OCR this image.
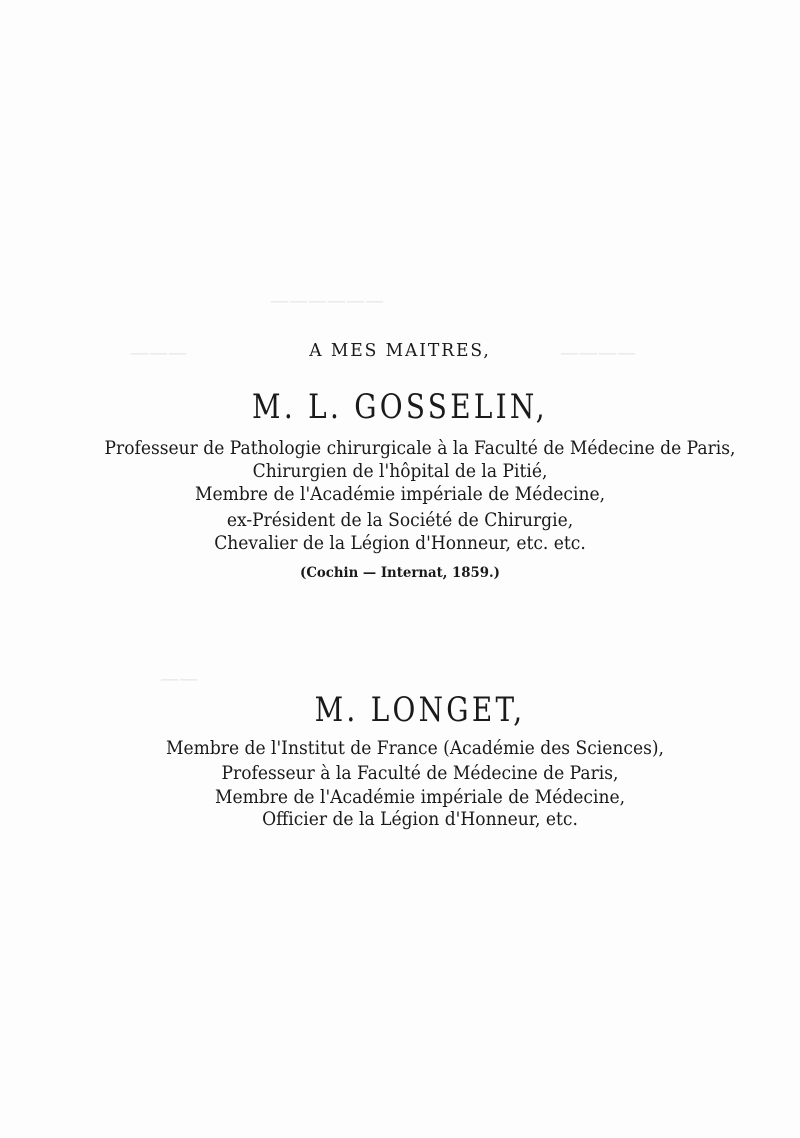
——————
———	————
——
A MES MAITRES,
M. L. GOSSELIN,
Professeur de Pathologie chirurgicale à la Faculté de Médecine de Paris,
Chirurgien de l'hôpital de la Pitié,
Membre de l'Académie impériale de Médecine,
ex-Président de la Société de Chirurgie,
Chevalier de la Légion d'Honneur, etc. etc.
(Cochin — Internat, 1859.)
M. LONGET,
Membre de l'Institut de France (Académie des Sciences),
Professeur à la Faculté de Médecine de Paris,
Membre de l'Académie impériale de Médecine,
Officier de la Légion d'Honneur, etc.
